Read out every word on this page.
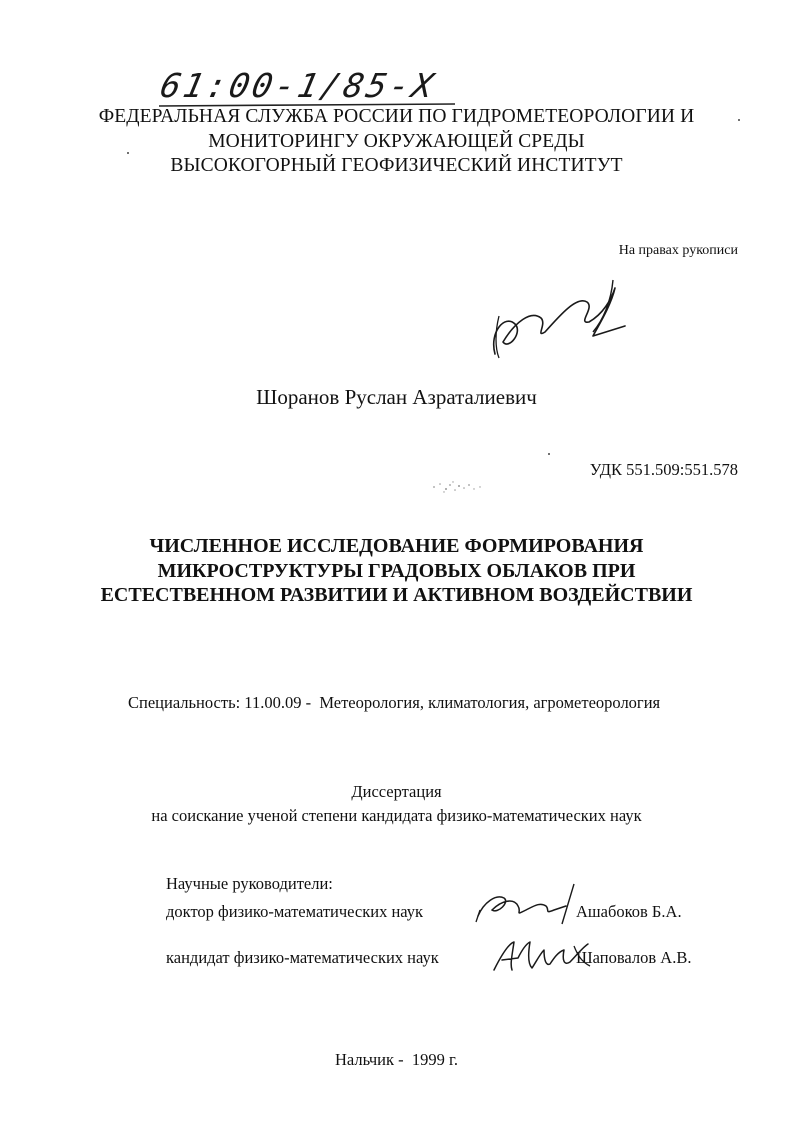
61:00-1/85-Х
ФЕДЕРАЛЬНАЯ СЛУЖБА РОССИИ ПО ГИДРОМЕТЕОРОЛОГИИ И
МОНИТОРИНГУ ОКРУЖАЮЩЕЙ СРЕДЫ
ВЫСОКОГОРНЫЙ ГЕОФИЗИЧЕСКИЙ ИНСТИТУТ
На правах рукописи
Шоранов Руслан Азраталиевич
УДК 551.509:551.578
ЧИСЛЕННОЕ ИССЛЕДОВАНИЕ ФОРМИРОВАНИЯ
МИКРОСТРУКТУРЫ ГРАДОВЫХ ОБЛАКОВ ПРИ
ЕСТЕСТВЕННОМ РАЗВИТИИ И АКТИВНОМ ВОЗДЕЙСТВИИ
Специальность: 11.00.09 -  Метеорология, климатология, агрометеорология
Диссертация
на соискание ученой степени кандидата физико-математических наук
Научные руководители:
доктор физико-математических наук	Ашабоков Б.А.
кандидат физико-математических наук	Шаповалов А.В.
Нальчик -  1999 г.
